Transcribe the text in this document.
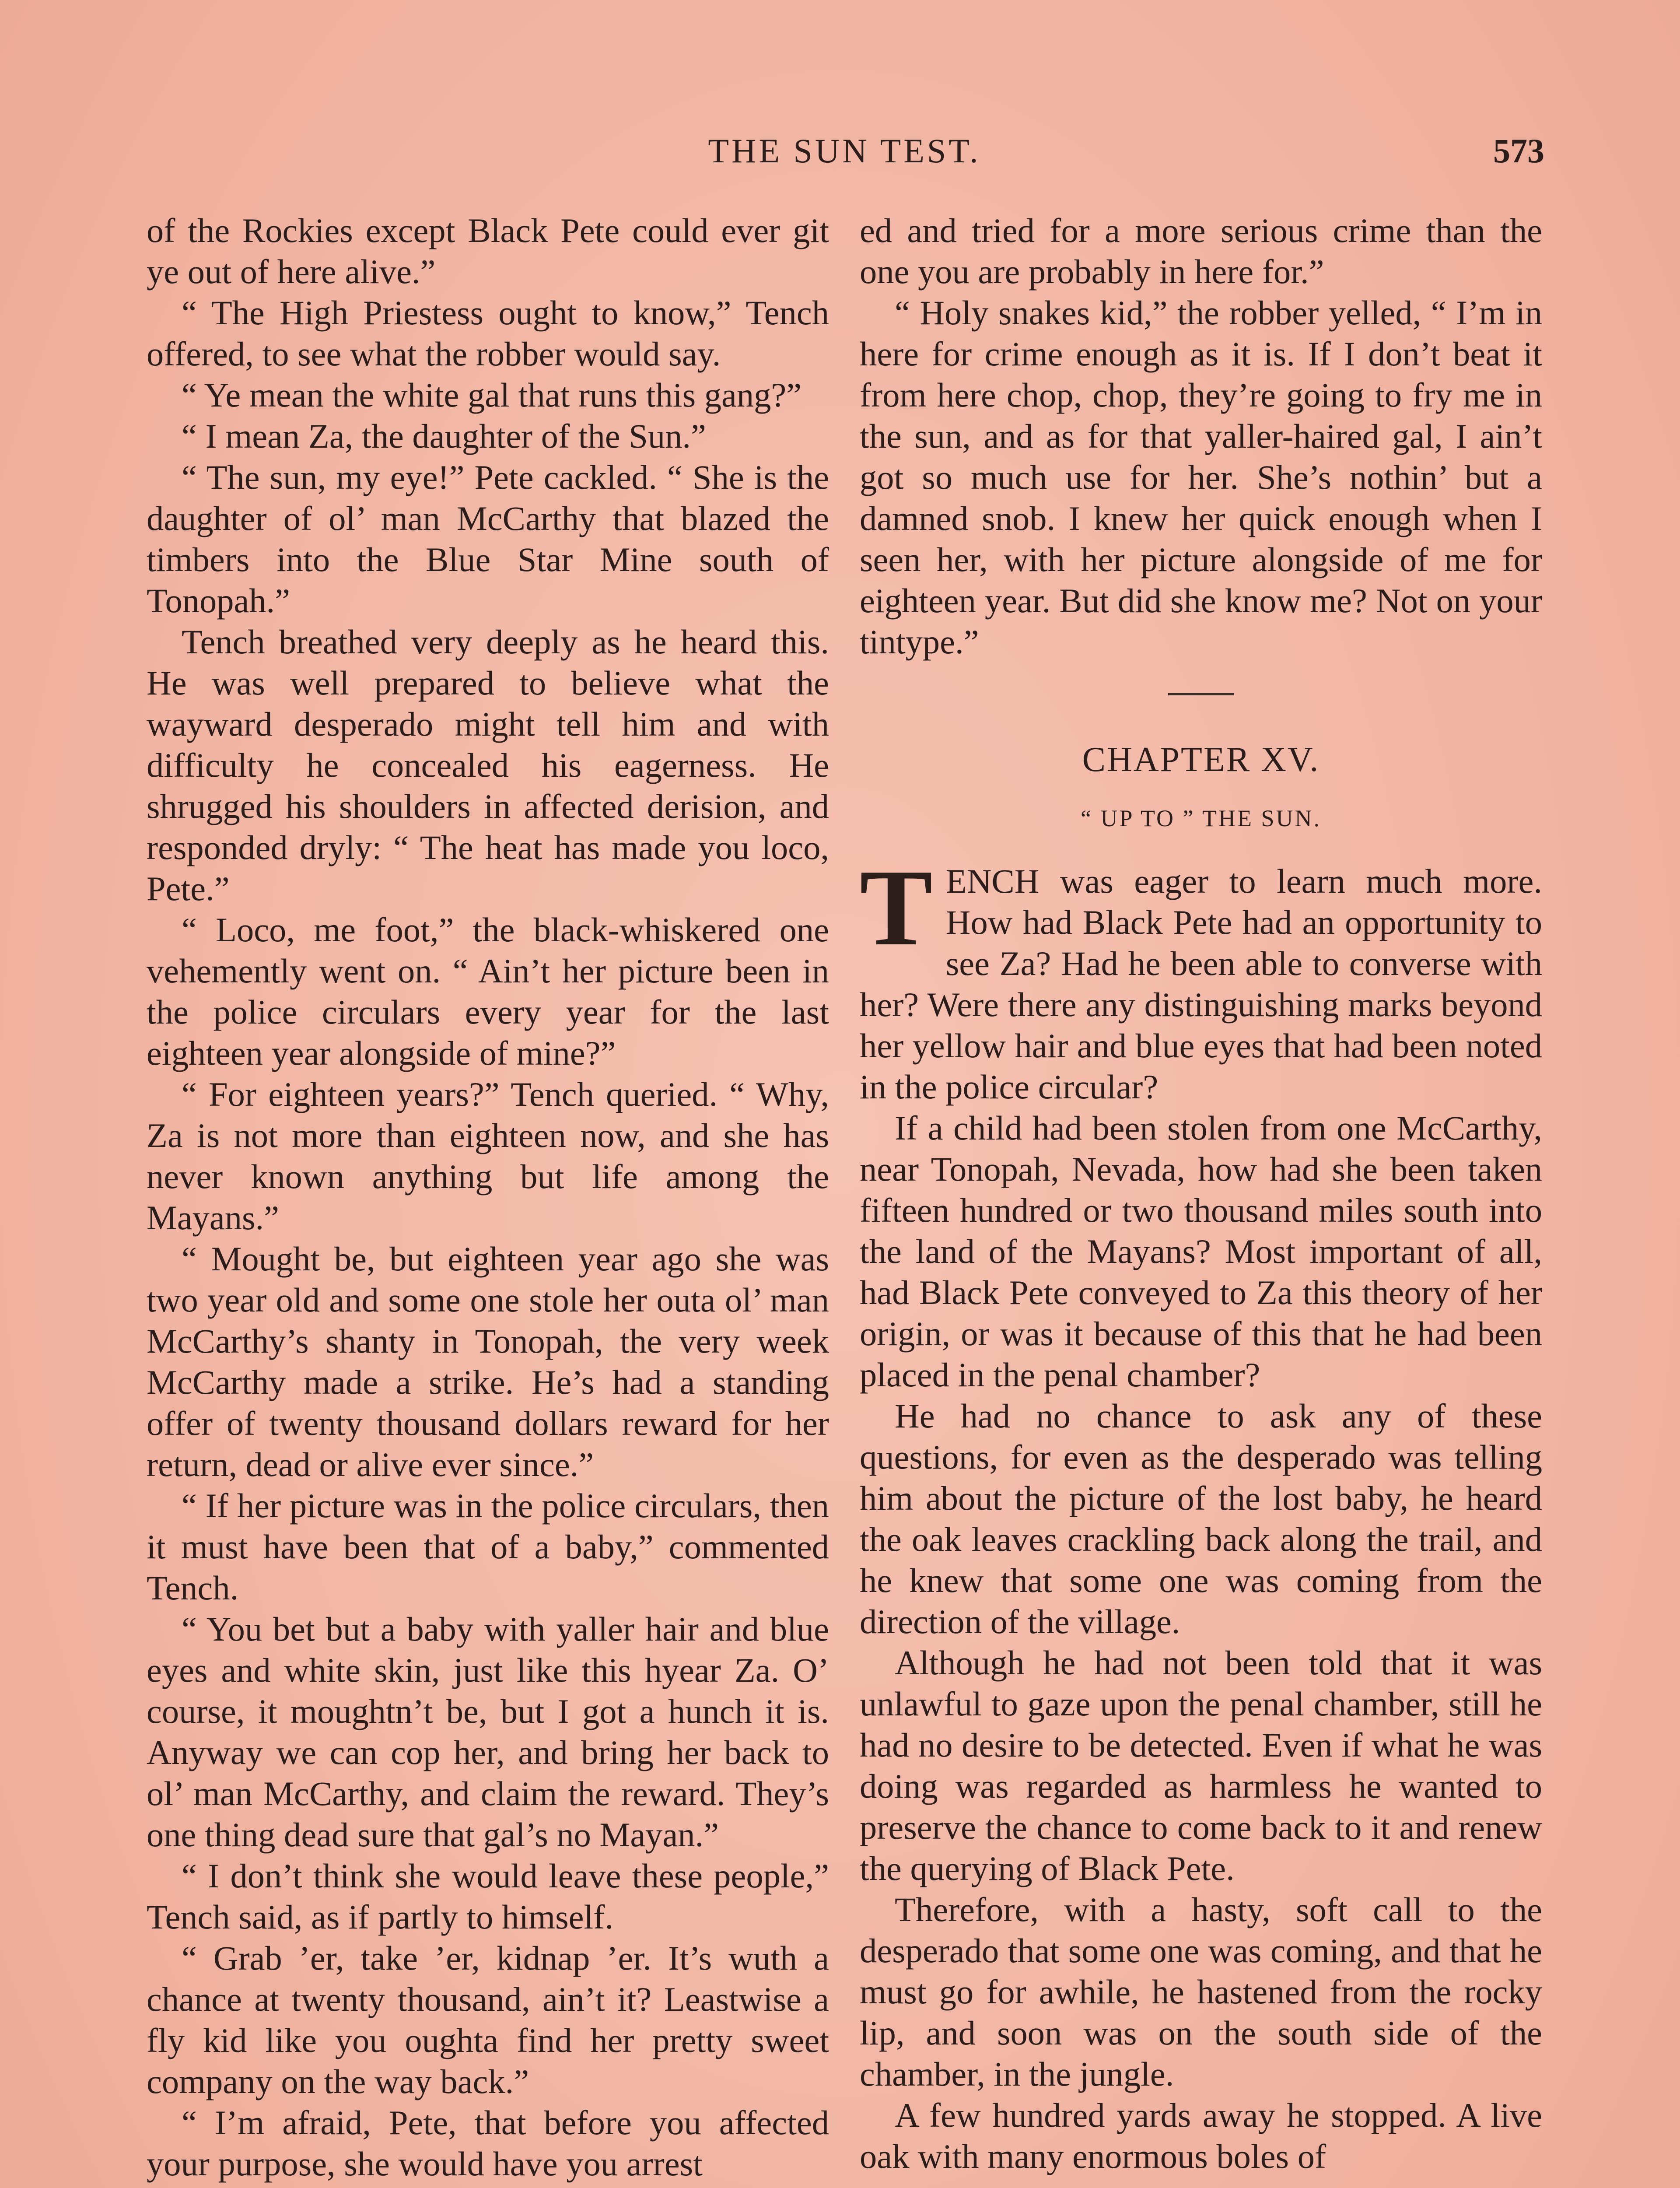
THE SUN TEST.	573

of the Rockies except Black Pete could ever git ye out of here alive.”

“ The High Priestess ought to know,” Tench offered, to see what the robber would say.

“ Ye mean the white gal that runs this gang?”

“ I mean Za, the daughter of the Sun.”

“ The sun, my eye!” Pete cackled. “ She is the daughter of ol’ man McCarthy that blazed the timbers into the Blue Star Mine south of Tonopah.”

Tench breathed very deeply as he heard this. He was well prepared to believe what the wayward desperado might tell him and with difficulty he concealed his eagerness. He shrugged his shoulders in affected derision, and responded dryly: “ The heat has made you loco, Pete.”

“ Loco, me foot,” the black-whiskered one vehemently went on. “ Ain’t her picture been in the police circulars every year for the last eighteen year alongside of mine?”

“ For eighteen years?” Tench queried. “ Why, Za is not more than eighteen now, and she has never known anything but life among the Mayans.”

“ Mought be, but eighteen year ago she was two year old and some one stole her outa ol’ man McCarthy’s shanty in Tonopah, the very week McCarthy made a strike. He’s had a standing offer of twenty thousand dollars reward for her return, dead or alive ever since.”

“ If her picture was in the police circulars, then it must have been that of a baby,” commented Tench.

“ You bet but a baby with yaller hair and blue eyes and white skin, just like this hyear Za. O’ course, it moughtn’t be, but I got a hunch it is. Anyway we can cop her, and bring her back to ol’ man McCarthy, and claim the reward. They’s one thing dead sure that gal’s no Mayan.”

“ I don’t think she would leave these people,” Tench said, as if partly to himself.

“ Grab ’er, take ’er, kidnap ’er. It’s wuth a chance at twenty thousand, ain’t it? Leastwise a fly kid like you oughta find her pretty sweet company on the way back.”

“ I’m afraid, Pete, that before you affected your purpose, she would have you arrest

ed and tried for a more serious crime than the one you are probably in here for.”

“ Holy snakes kid,” the robber yelled, “ I’m in here for crime enough as it is. If I don’t beat it from here chop, chop, they’re going to fry me in the sun, and as for that yaller-haired gal, I ain’t got so much use for her. She’s nothin’ but a damned snob. I knew her quick enough when I seen her, with her picture alongside of me for eighteen year. But did she know me? Not on your tintype.”

CHAPTER XV.
“ UP TO ” THE SUN.
T ENCH was eager to learn much more. How had Black Pete had an opportunity to see Za? Had he been able to converse with her? Were there any distinguishing marks beyond her yellow hair and blue eyes that had been noted in the police circular?

If a child had been stolen from one McCarthy, near Tonopah, Nevada, how had she been taken fifteen hundred or two thousand miles south into the land of the Mayans? Most important of all, had Black Pete conveyed to Za this theory of her origin, or was it because of this that he had been placed in the penal chamber?

He had no chance to ask any of these questions, for even as the desperado was telling him about the picture of the lost baby, he heard the oak leaves crackling back along the trail, and he knew that some one was coming from the direction of the village.

Although he had not been told that it was unlawful to gaze upon the penal chamber, still he had no desire to be detected. Even if what he was doing was regarded as harmless he wanted to preserve the chance to come back to it and renew the querying of Black Pete.

Therefore, with a hasty, soft call to the desperado that some one was coming, and that he must go for awhile, he hastened from the rocky lip, and soon was on the south side of the chamber, in the jungle.

A few hundred yards away he stopped. A live oak with many enormous boles of
